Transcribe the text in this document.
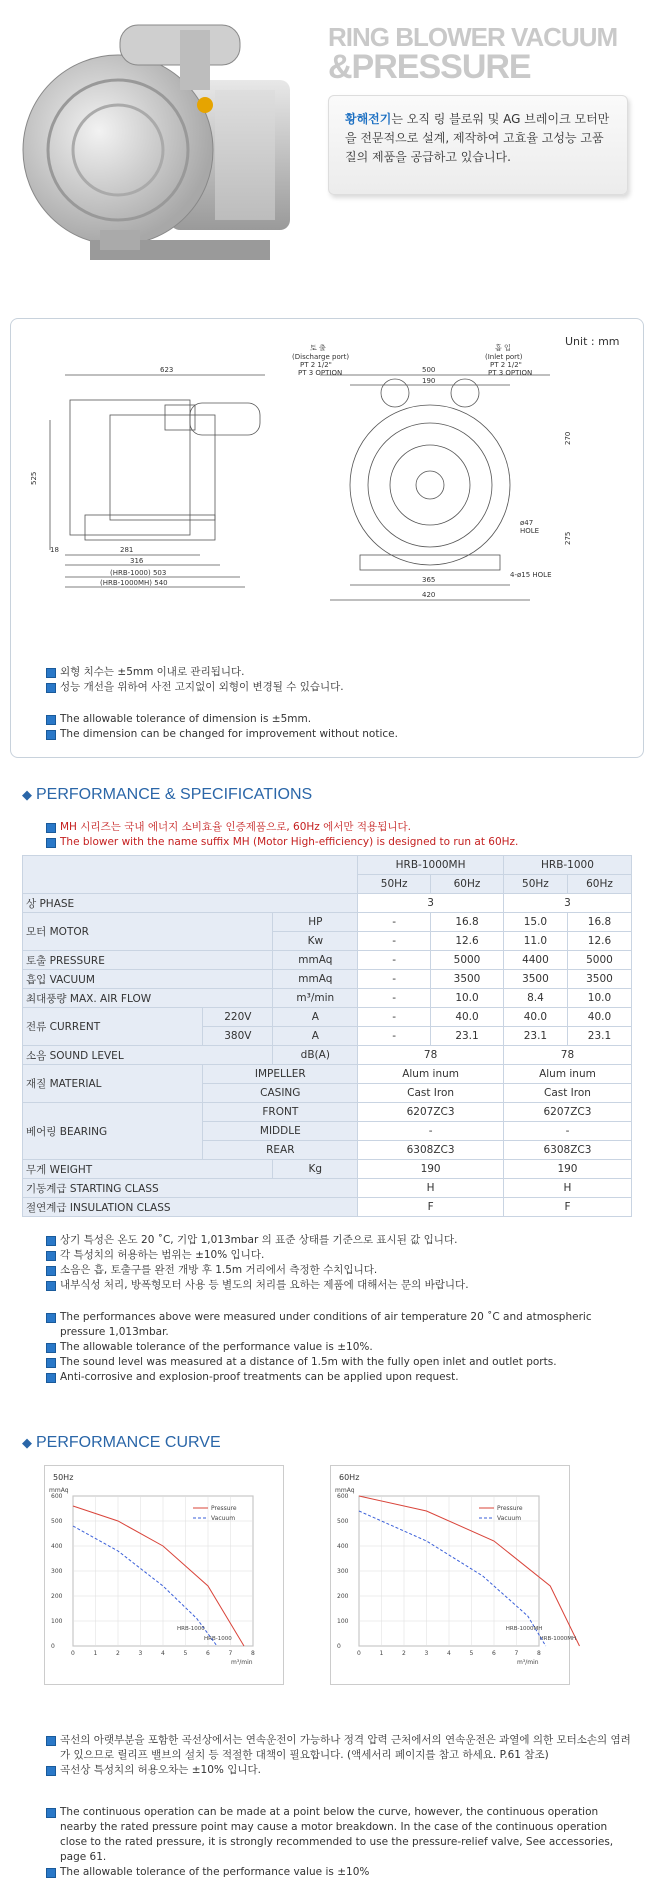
RING BLOWER VACUUM
&PRESSURE
황해전기는 오직 링 블로워 및 AG 브레이크 모터만을 전문적으로 설계, 제작하여 고효율 고성능 고품질의 제품을 공급하고 있습니다.
Unit : mm
623
525
18	281
316
(HRB-1000) 503
(HRB-1000MH) 540
토 출
(Discharge port)
PT 2 1/2"
PT 3 OPTION
흡 입
(Inlet port)
PT 2 1/2"
PT 3 OPTION
500
190
270
275
ø47
HOLE
365
420
4-ø15 HOLE
외형 치수는 ±5mm 이내로 관리됩니다.
성능 개선을 위하여 사전 고지없이 외형이 변경될 수 있습니다.
The allowable tolerance of dimension is ±5mm.
The dimension can be changed for improvement without notice.
◆ PERFORMANCE & SPECIFICATIONS
MH 시리즈는 국내 에너지 소비효율 인증제품으로, 60Hz 에서만 적용됩니다.
The blower with the name suffix MH (Motor High-efficiency) is designed to run at 60Hz.
			HRB-1000MH		HRB-1000	
			50Hz	60Hz	50Hz	60Hz
상 PHASE			3		3	
모터 MOTOR		HP	-	16.8	15.0	16.8
		Kw	-	12.6	11.0	12.6
토출 PRESSURE		mmAq	-	5000	4400	5000
흡입 VACUUM		mmAq	-	3500	3500	3500
최대풍량 MAX. AIR FLOW		m³/min	-	10.0	8.4	10.0
전류 CURRENT	220V	A	-	40.0	40.0	40.0
	380V	A	-	23.1	23.1	23.1
소음 SOUND LEVEL		dB(A)	78		78	
재질 MATERIAL	IMPELLER		Alum inum		Alum inum	
	CASING		Cast Iron		Cast Iron	
베어링 BEARING	FRONT		6207ZC3		6207ZC3	
	MIDDLE		-		-	
	REAR		6308ZC3		6308ZC3	
무게 WEIGHT		Kg	190		190	
기동계급 STARTING CLASS			H		H	
절연계급 INSULATION CLASS			F		F	
상기 특성은 온도 20 ˚C, 기압 1,013mbar 의 표준 상태를 기준으로 표시된 값 입니다.
각 특성치의 허용하는 범위는 ±10% 입니다.
소음은 흡, 토출구를 완전 개방 후 1.5m 거리에서 측정한 수치입니다.
내부식성 처리, 방폭형모터 사용 등 별도의 처리를 요하는 제품에 대해서는 문의 바랍니다.
The performances above were measured under conditions of air temperature 20 ˚C and atmospheric pressure 1,013mbar.
The allowable tolerance of the performance value is ±10%.
The sound level was measured at a distance of 1.5m with the fully open inlet and outlet ports.
Anti-corrosive and explosion-proof treatments can be applied upon request.
◆ PERFORMANCE CURVE
50Hz
0	1	2	3	4	5	6	7	8
0
100
200
300
400
500
600
m³/min
mmAq
HRB-1000
HRB-1000
Pressure
Vacuum
60Hz
0	1	2	3	4	5	6	7	8
0
100
200
300
400
500
600
m³/min
mmAq
HRB-1000MH
HRB-1000MH
Pressure
Vacuum
곡선의 아랫부분을 포함한 곡선상에서는 연속운전이 가능하나 정격 압력 근처에서의 연속운전은 과열에 의한 모터소손의 염려가 있으므로 릴리프 밸브의 설치 등 적절한 대책이 필요합니다. (액세서리 페이지를 참고 하세요. P.61 참조)
곡선상 특성치의 허용오차는 ±10% 입니다.
The continuous operation can be made at a point below the curve, however, the continuous operation nearby the rated pressure point may cause a motor breakdown. In the case of the continuous operation close to the rated pressure, it is strongly recommended to use the pressure-relief valve, See accessories, page 61.
The allowable tolerance of the performance value is ±10%
